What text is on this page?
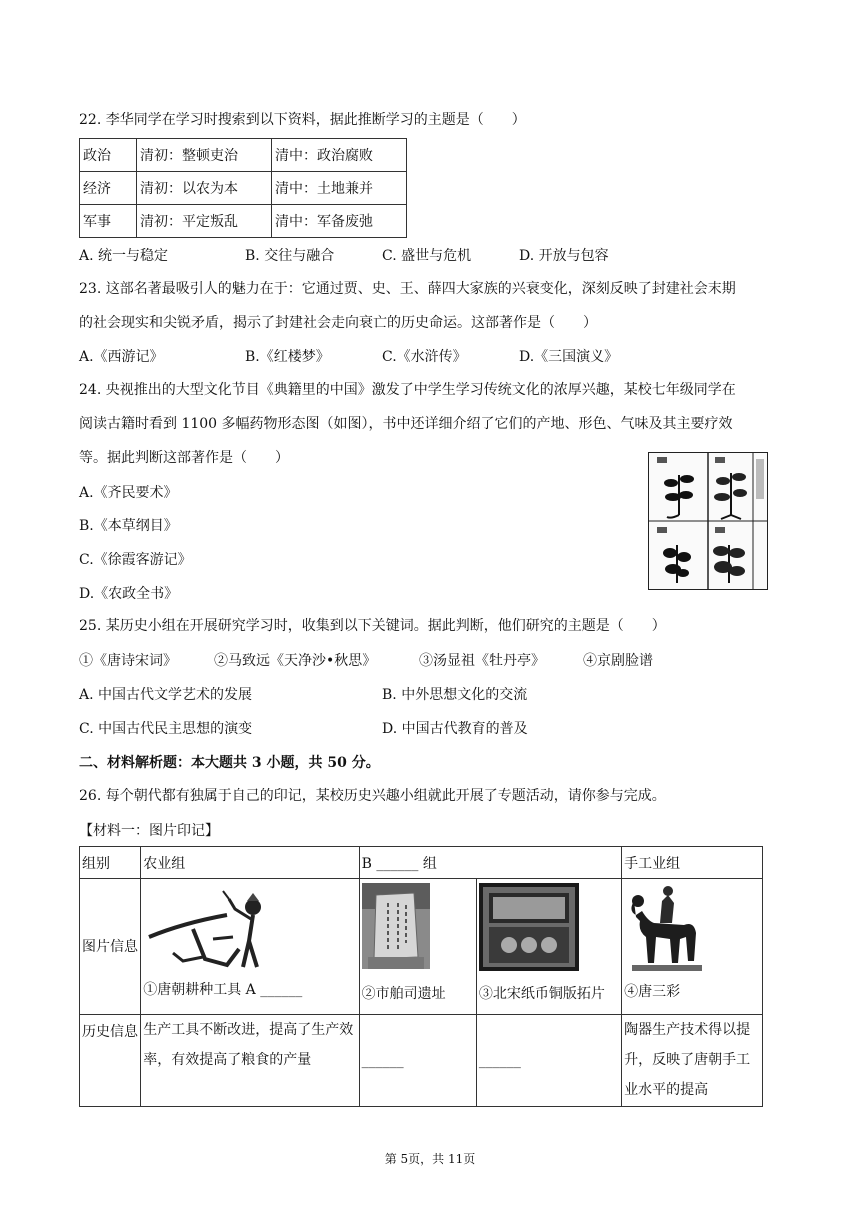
22. 李华同学在学习时搜索到以下资料，据此推断学习的主题是（　　）
政治	清初：整顿吏治	清中：政治腐败
经济	清初：以农为本	清中：土地兼并
军事	清初：平定叛乱	清中：军备废弛
A. 统一与稳定	B. 交往与融合	C. 盛世与危机	D. 开放与包容
23. 这部名著最吸引人的魅力在于：它通过贾、史、王、薛四大家族的兴衰变化，深刻反映了封建社会末期
的社会现实和尖锐矛盾，揭示了封建社会走向衰亡的历史命运。这部著作是（　　）
A.《西游记》	B.《红楼梦》	C.《水浒传》	D.《三国演义》
24. 央视推出的大型文化节目《典籍里的中国》激发了中学生学习传统文化的浓厚兴趣，某校七年级同学在
阅读古籍时看到 1100 多幅药物形态图（如图），书中还详细介绍了它们的产地、形色、气味及其主要疗效
等。据此判断这部著作是（　　）
A.《齐民要术》
B.《本草纲目》
C.《徐霞客游记》
D.《农政全书》
25. 某历史小组在开展研究学习时，收集到以下关键词。据此判断，他们研究的主题是（　　）
①《唐诗宋词》	②马致远《天净沙•秋思》	③汤显祖《牡丹亭》	④京剧脸谱
A. 中国古代文学艺术的发展	B. 中外思想文化的交流
C. 中国古代民主思想的演变	D. 中国古代教育的普及
二、材料解析题：本大题共 3 小题，共 50 分。
26. 每个朝代都有独属于自己的印记，某校历史兴趣小组就此开展了专题活动，请你参与完成。
【材料一：图片印记】
组别	农业组	B ______ 组		手工业组
图片信息	①唐朝耕种工具 A ______	②市舶司遗址	③北宋纸币铜版拓片	④唐三彩

历史信息	生产工具不断改进，提高了生产效率，有效提高了粮食的产量	______	______	陶器生产技术得以提升，反映了唐朝手工业水平的提高
第 5页，共 11页
